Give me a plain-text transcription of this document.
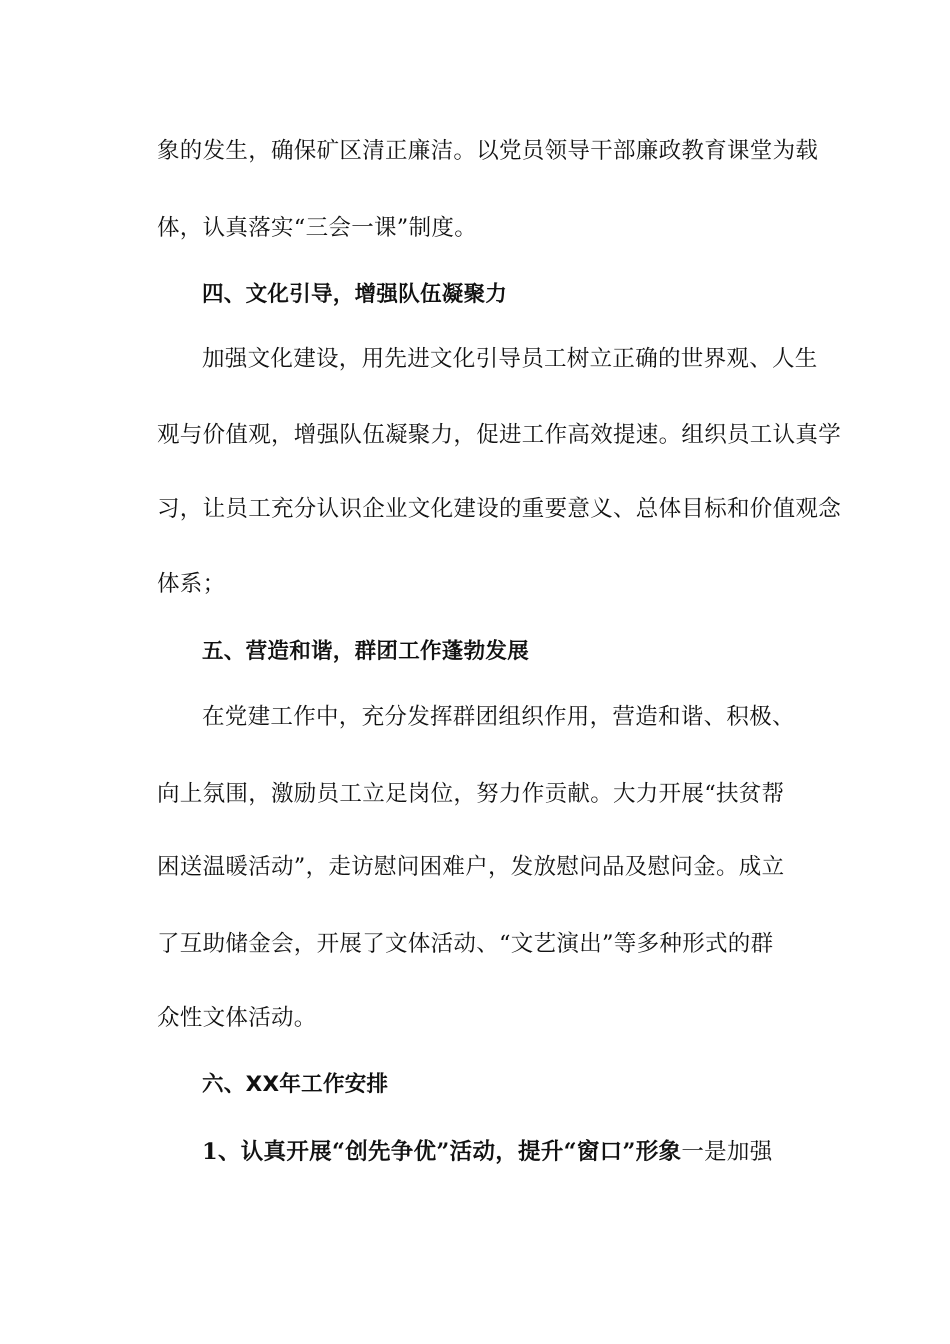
象的发生，确保矿区清正廉洁。以党员领导干部廉政教育课堂为载
体，认真落实“三会一课”制度。
四、文化引导，增强队伍凝聚力
加强文化建设，用先进文化引导员工树立正确的世界观、人生
观与价值观，增强队伍凝聚力，促进工作高效提速。组织员工认真学
习，让员工充分认识企业文化建设的重要意义、总体目标和价值观念
体系；
五、营造和谐，群团工作蓬勃发展
在党建工作中，充分发挥群团组织作用，营造和谐、积极、
向上氛围，激励员工立足岗位，努力作贡献。大力开展“扶贫帮
困送温暖活动”，走访慰问困难户，发放慰问品及慰问金。成立
了互助储金会，开展了文体活动、“文艺演出”等多种形式的群
众性文体活动。
六、XX年工作安排
1、认真开展“创先争优”活动，提升“窗口”形象一是加强
